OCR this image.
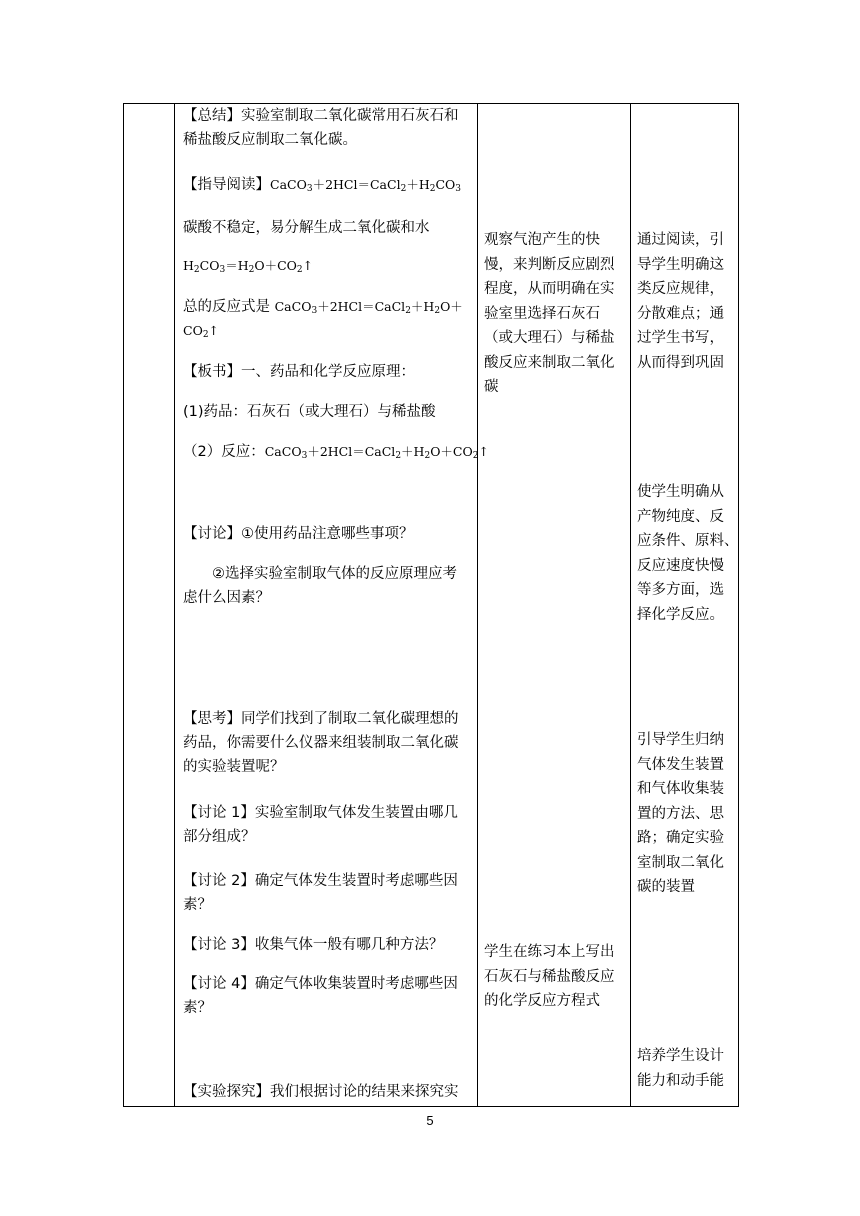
【总结】实验室制取二氧化碳常用石灰石和
稀盐酸反应制取二氧化碳。
【指导阅读】$CaCO_3+2HCl=CaCl_2+H_2CO_3$
碳酸不稳定，易分解生成二氧化碳和水
$H_2CO_3=H_2O+CO_2↑$
总的反应式是 $CaCO_3+2HCl=CaCl_2+H_2O+$
$CO_2↑$
【板书】一、药品和化学反应原理：
(1)药品：石灰石（或大理石）与稀盐酸
（2）反应：$CaCO_3+2HCl=CaCl_2+H_2O+CO_2↑$
【讨论】①使用药品注意哪些事项？
②选择实验室制取气体的反应原理应考
虑什么因素？
【思考】同学们找到了制取二氧化碳理想的
药品，你需要什么仪器来组装制取二氧化碳
的实验装置呢？
【讨论 1】实验室制取气体发生装置由哪几
部分组成？
【讨论 2】确定气体发生装置时考虑哪些因
素？
【讨论 3】收集气体一般有哪几种方法？
【讨论 4】确定气体收集装置时考虑哪些因
素？
【实验探究】我们根据讨论的结果来探究实
观察气泡产生的快
慢，来判断反应剧烈
程度，从而明确在实
验室里选择石灰石
（或大理石）与稀盐
酸反应来制取二氧化
碳
学生在练习本上写出
石灰石与稀盐酸反应
的化学反应方程式
通过阅读，引
导学生明确这
类反应规律，
分散难点；通
过学生书写，
从而得到巩固
使学生明确从
产物纯度、反
应条件、原料、
反应速度快慢
等多方面，选
择化学反应。
引导学生归纳
气体发生装置
和气体收集装
置的方法、思
路；确定实验
室制取二氧化
碳的装置
培养学生设计
能力和动手能
5
